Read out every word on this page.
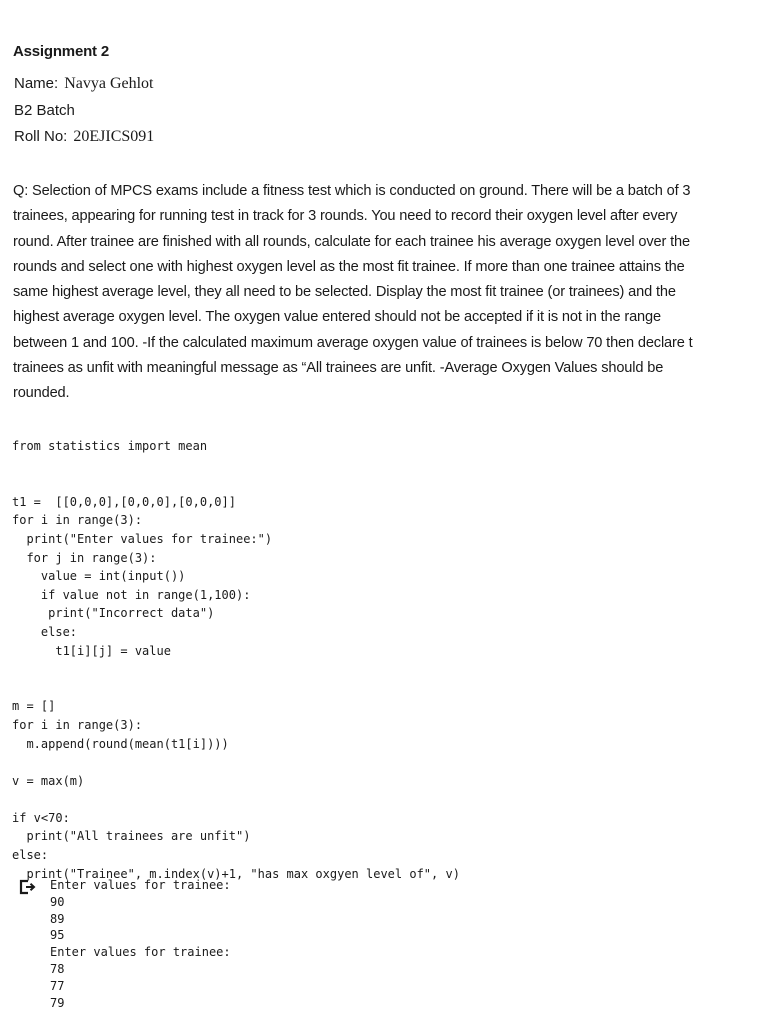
Assignment 2
Name: Navya Gehlot
B2 Batch
Roll No: 20EJICS091
Q: Selection of MPCS exams include a fitness test which is conducted on ground. There will be a batch of 3
trainees, appearing for running test in track for 3 rounds. You need to record their oxygen level after every
round. After trainee are finished with all rounds, calculate for each trainee his average oxygen level over the
rounds and select one with highest oxygen level as the most fit trainee. If more than one trainee attains the
same highest average level, they all need to be selected. Display the most fit trainee (or trainees) and the
highest average oxygen level. The oxygen value entered should not be accepted if it is not in the range
between 1 and 100. -If the calculated maximum average oxygen value of trainees is below 70 then declare t
trainees as unfit with meaningful message as “All trainees are unfit. -Average Oxygen Values should be
rounded.
from statistics import mean
t1 =  [[0,0,0],[0,0,0],[0,0,0]]
for i in range(3):
print("Enter values for trainee:")
for j in range(3):
value = int(input())
if value not in range(1,100):
print("Incorrect data")
else:
t1[i][j] = value
m = []
for i in range(3):
m.append(round(mean(t1[i])))
v = max(m)
if v<70:
print("All trainees are unfit")
else:
print("Trainee", m.index(v)+1, "has max oxgyen level of", v)
Enter values for trainee:
90
89
95
Enter values for trainee:
78
77
79
